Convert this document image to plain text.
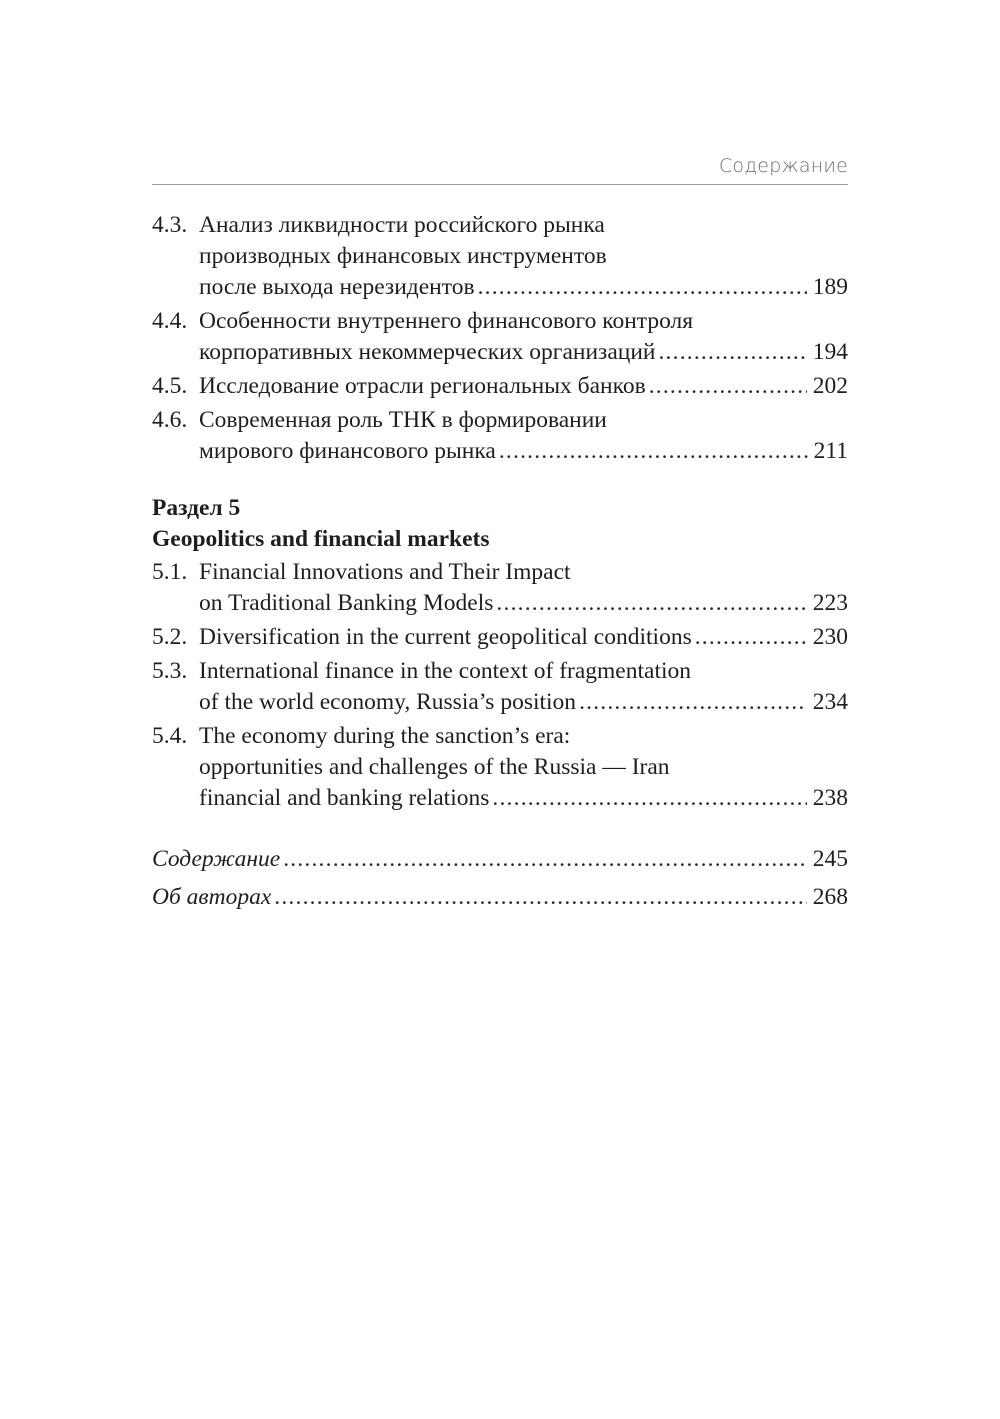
Содержание
4.3. Анализ ликвидности российского рынка
производных финансовых инструментов
после выхода нерезидентов .....	189
4.4. Особенности внутреннего финансового контроля
корпоративных некоммерческих организаций .....	194
4.5. Исследование отрасли региональных банков .....	202
4.6. Современная роль ТНК в формировании
мирового финансового рынка .....	211
Раздел 5
Geopolitics and financial markets
5.1. Financial Innovations and Their Impact
on Traditional Banking Models .....	223
5.2. Diversification in the current geopolitical conditions .....	230
5.3. International finance in the context of fragmentation
of the world economy, Russia’s position .....	234
5.4. The economy during the sanction’s era:
opportunities and challenges of the Russia — Iran
financial and banking relations .....	238
Содержание .....	245
Об авторах .....	268
